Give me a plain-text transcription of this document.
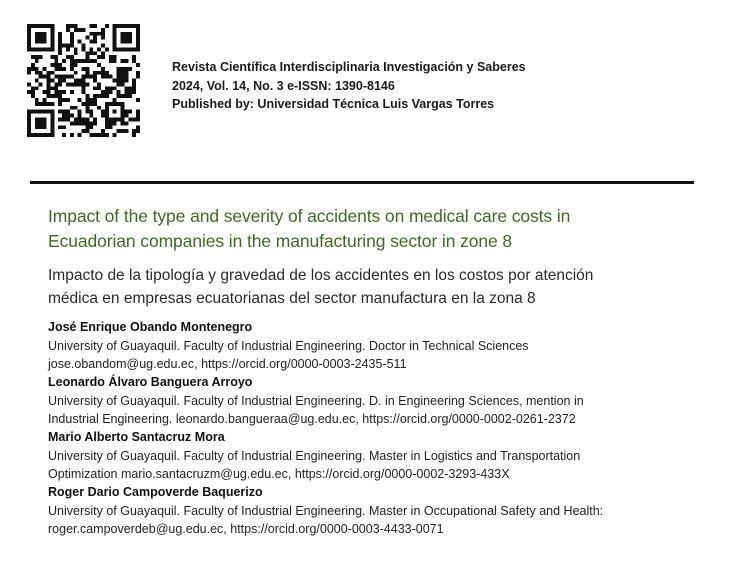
Revista Científica Interdisciplinaria Investigación y Saberes
2024, Vol. 14, No. 3 e-ISSN: 1390-8146
Published by: Universidad Técnica Luis Vargas Torres
Impact of the type and severity of accidents on medical care costs in
Ecuadorian companies in the manufacturing sector in zone 8
Impacto de la tipología y gravedad de los accidentes en los costos por atención
médica en empresas ecuatorianas del sector manufactura en la zona 8
José Enrique Obando Montenegro
University of Guayaquil. Faculty of Industrial Engineering. Doctor in Technical Sciences
jose.obandom@ug.edu.ec, https://orcid.org/0000-0003-2435-511
Leonardo Álvaro Banguera Arroyo
University of Guayaquil. Faculty of Industrial Engineering. D. in Engineering Sciences, mention in
Industrial Engineering. leonardo.bangueraa@ug.edu.ec, https://orcid.org/0000-0002-0261-2372
Mario Alberto Santacruz Mora
University of Guayaquil. Faculty of Industrial Engineering. Master in Logistics and Transportation
Optimization mario.santacruzm@ug.edu.ec, https://orcid.org/0000-0002-3293-433X
Roger Dario Campoverde Baquerizo
University of Guayaquil. Faculty of Industrial Engineering. Master in Occupational Safety and Health:
roger.campoverdeb@ug.edu.ec, https://orcid.org/0000-0003-4433-0071
